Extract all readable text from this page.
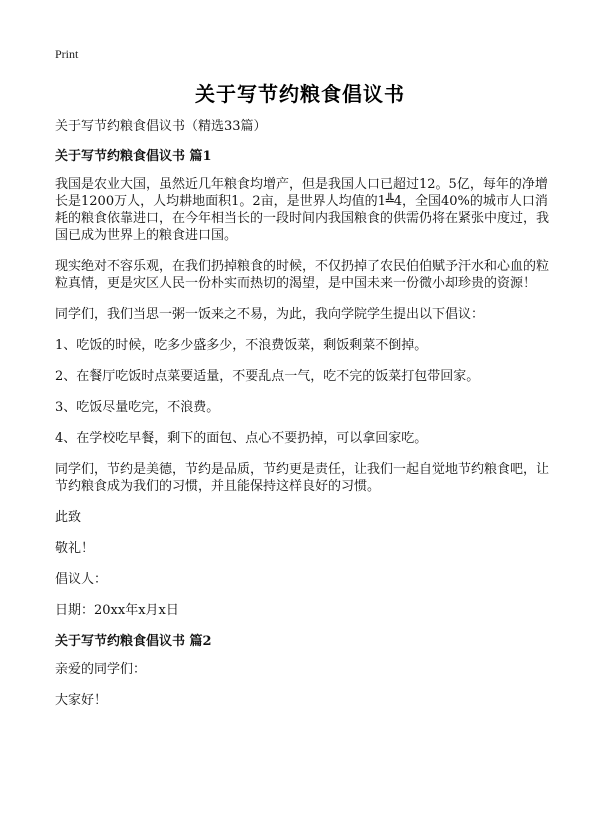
Print
关于写节约粮食倡议书

关于写节约粮食倡议书（精选33篇）

关于写节约粮食倡议书 篇1

我国是农业大国，虽然近几年粮食均增产，但是我国人口已超过12。5亿，每年的净增长是1200万人，人均耕地面积1。2亩，是世界人均值的1╩4，全国40%的城市人口消耗的粮食依靠进口，在今年相当长的一段时间内我国粮食的供需仍将在紧张中度过，我国已成为世界上的粮食进口国。

现实绝对不容乐观，在我们扔掉粮食的时候，不仅扔掉了农民伯伯赋予汗水和心血的粒粒真情，更是灾区人民一份朴实而热切的渴望，是中国未来一份微小却珍贵的资源！

同学们，我们当思一粥一饭来之不易，为此，我向学院学生提出以下倡议：

1、吃饭的时候，吃多少盛多少，不浪费饭菜，剩饭剩菜不倒掉。

2、在餐厅吃饭时点菜要适量，不要乱点一气，吃不完的饭菜打包带回家。

3、吃饭尽量吃完，不浪费。

4、在学校吃早餐，剩下的面包、点心不要扔掉，可以拿回家吃。

同学们，节约是美德，节约是品质，节约更是责任，让我们一起自觉地节约粮食吧，让节约粮食成为我们的习惯，并且能保持这样良好的习惯。

此致

敬礼！

倡议人：

日期：20xx年x月x日

关于写节约粮食倡议书 篇2

亲爱的同学们：

大家好！
